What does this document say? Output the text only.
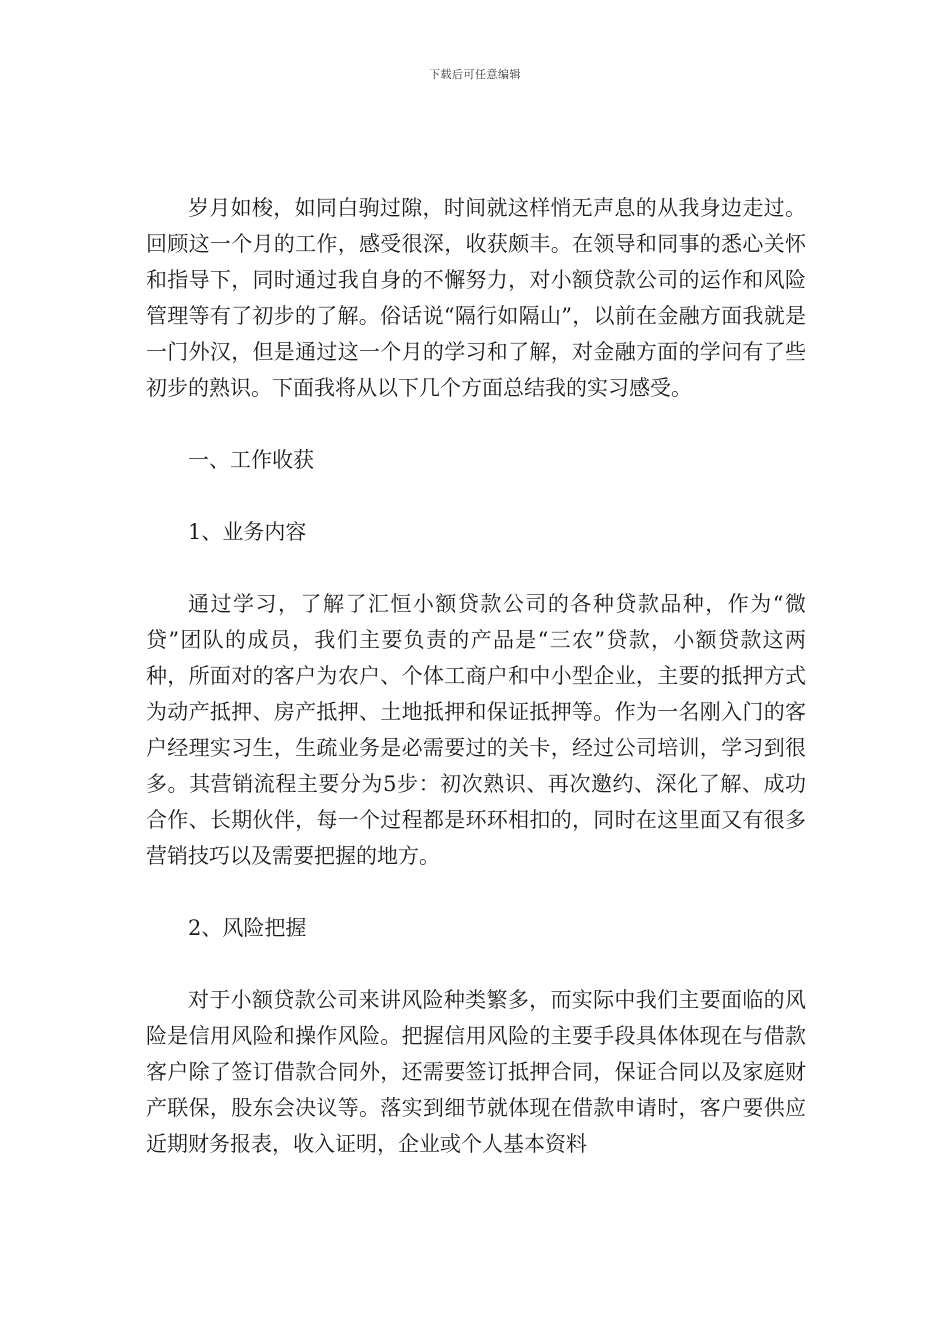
下载后可任意编辑

岁月如梭，如同白驹过隙，时间就这样悄无声息的从我身边走过。回顾这一个月的工作，感受很深，收获颇丰。在领导和同事的悉心关怀和指导下，同时通过我自身的不懈努力，对小额贷款公司的运作和风险管理等有了初步的了解。俗话说“隔行如隔山”，以前在金融方面我就是一门外汉，但是通过这一个月的学习和了解，对金融方面的学问有了些初步的熟识。下面我将从以下几个方面总结我的实习感受。

一、工作收获

1、业务内容

通过学习，了解了汇恒小额贷款公司的各种贷款品种，作为“微贷”团队的成员，我们主要负责的产品是“三农”贷款，小额贷款这两种，所面对的客户为农户、个体工商户和中小型企业，主要的抵押方式为动产抵押、房产抵押、土地抵押和保证抵押等。作为一名刚入门的客户经理实习生，生疏业务是必需要过的关卡，经过公司培训，学习到很多。其营销流程主要分为5步：初次熟识、再次邀约、深化了解、成功合作、长期伙伴，每一个过程都是环环相扣的，同时在这里面又有很多营销技巧以及需要把握的地方。

2、风险把握

对于小额贷款公司来讲风险种类繁多，而实际中我们主要面临的风险是信用风险和操作风险。把握信用风险的主要手段具体体现在与借款客户除了签订借款合同外，还需要签订抵押合同，保证合同以及家庭财产联保，股东会决议等。落实到细节就体现在借款申请时，客户要供应近期财务报表，收入证明，企业或个人基本资料
